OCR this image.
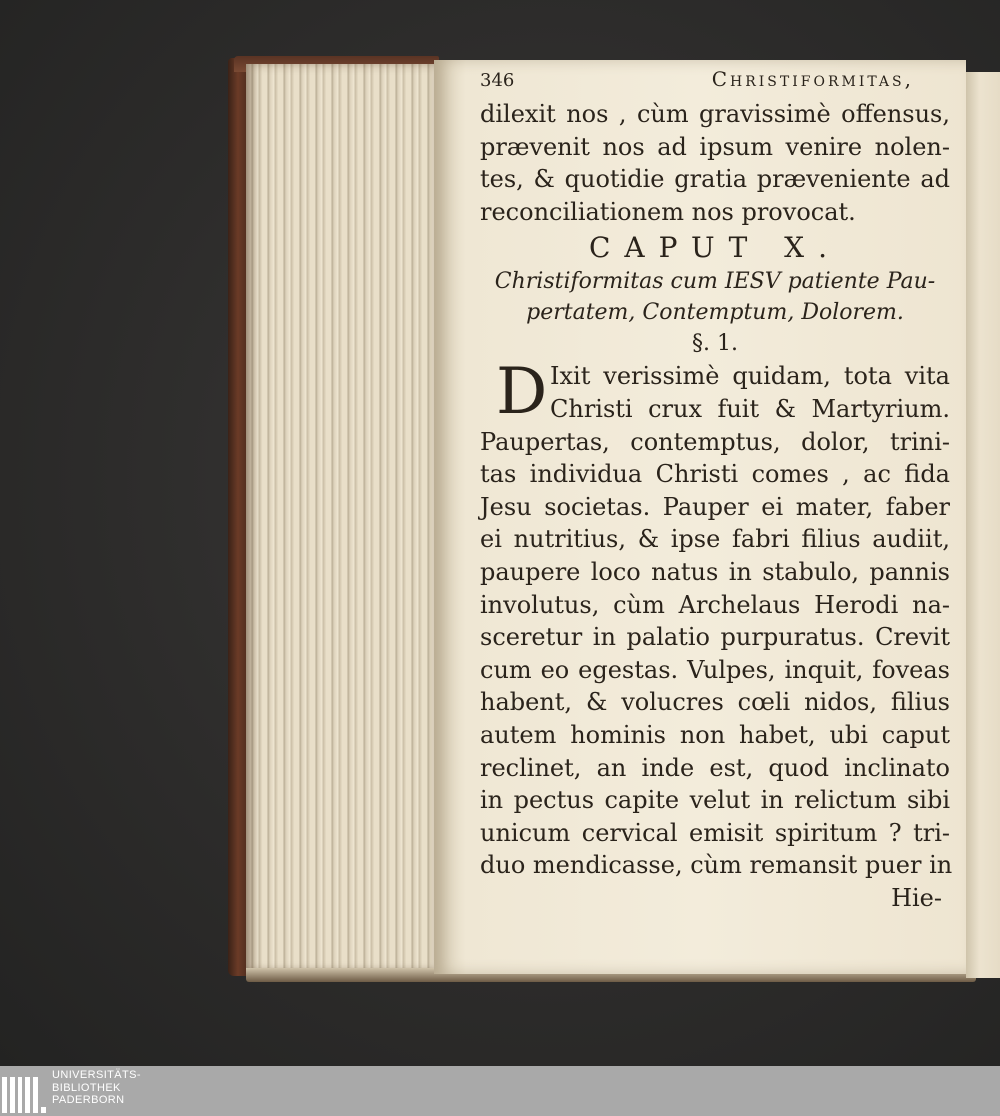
346	Christiformitas,
dilexit nos , cùm gravissimè offensus,
prævenit nos ad ipsum venire nolen-
tes, & quotidie gratia præveniente ad
reconciliationem nos provocat.
CAPUT X.
Christiformitas cum IESV patiente Pau-
pertatem, Contemptum, Dolorem.
§. 1.
D Ixit verissimè quidam, tota vita
Christi crux fuit & Martyrium.
Paupertas, contemptus, dolor, trini-
tas individua Christi comes , ac fida
Jesu societas. Pauper ei mater, faber
ei nutritius, & ipse fabri filius audiit,
paupere loco natus in stabulo, pannis
involutus, cùm Archelaus Herodi na-
sceretur in palatio purpuratus. Crevit
cum eo egestas. Vulpes, inquit, foveas
habent, & volucres cœli nidos, filius
autem hominis non habet, ubi caput
reclinet, an inde est, quod inclinato
in pectus capite velut in relictum sibi
unicum cervical emisit spiritum ? tri-
duo mendicasse, cùm remansit puer in
Hie-
UNIVERSITÄTS-
BIBLIOTHEK
PADERBORN
